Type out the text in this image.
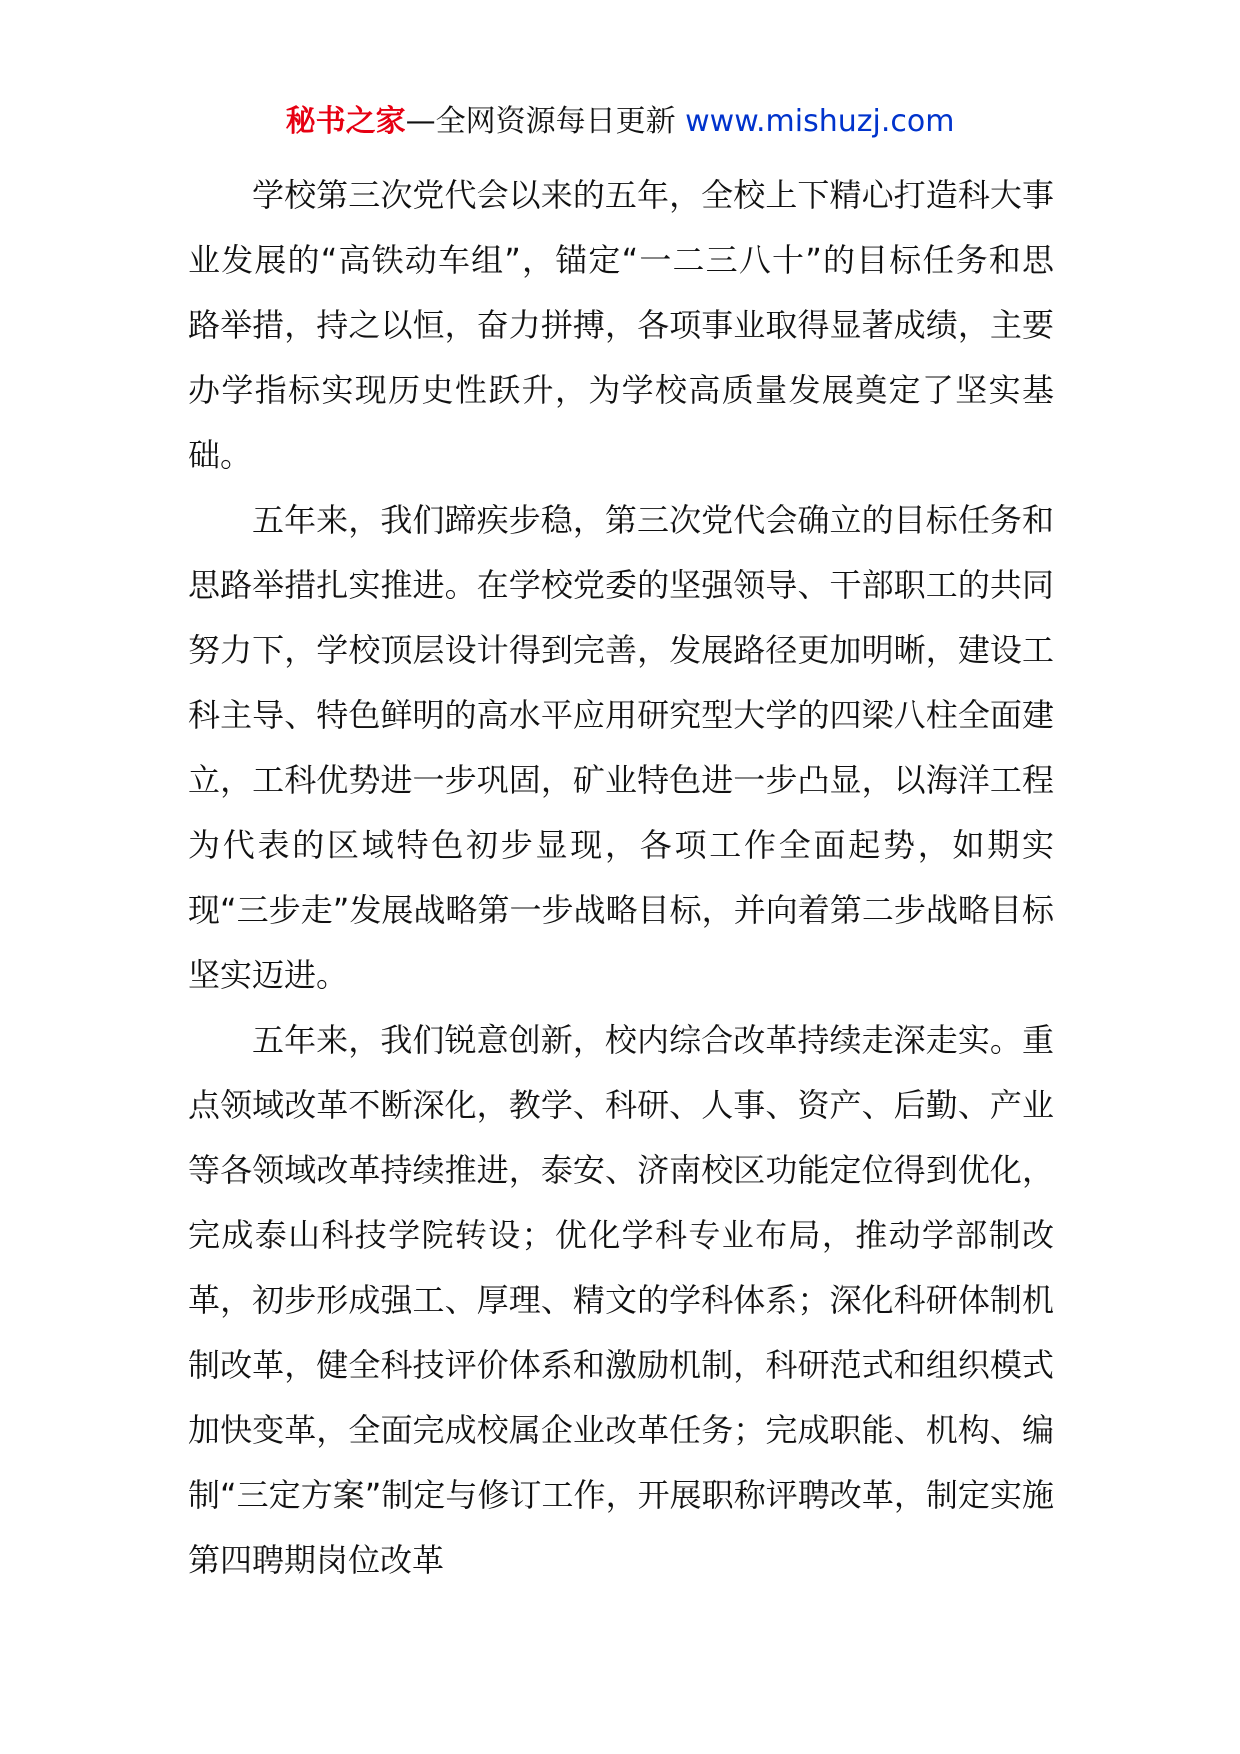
秘书之家—全网资源每日更新 www.mishuzj.com

学校第三次党代会以来的五年，全校上下精心打造科大事业发展的“高铁动车组”，锚定“一二三八十”的目标任务和思路举措，持之以恒，奋力拼搏，各项事业取得显著成绩，主要办学指标实现历史性跃升，为学校高质量发展奠定了坚实基础。

五年来，我们蹄疾步稳，第三次党代会确立的目标任务和思路举措扎实推进。在学校党委的坚强领导、干部职工的共同努力下，学校顶层设计得到完善，发展路径更加明晰，建设工科主导、特色鲜明的高水平应用研究型大学的四梁八柱全面建立，工科优势进一步巩固，矿业特色进一步凸显，以海洋工程为代表的区域特色初步显现，各项工作全面起势，如期实现“三步走”发展战略第一步战略目标，并向着第二步战略目标坚实迈进。

五年来，我们锐意创新，校内综合改革持续走深走实。重点领域改革不断深化，教学、科研、人事、资产、后勤、产业等各领域改革持续推进，泰安、济南校区功能定位得到优化，完成泰山科技学院转设；优化学科专业布局，推动学部制改革，初步形成强工、厚理、精文的学科体系；深化科研体制机制改革，健全科技评价体系和激励机制，科研范式和组织模式加快变革，全面完成校属企业改革任务；完成职能、机构、编制“三定方案”制定与修订工作，开展职称评聘改革，制定实施第四聘期岗位改革
